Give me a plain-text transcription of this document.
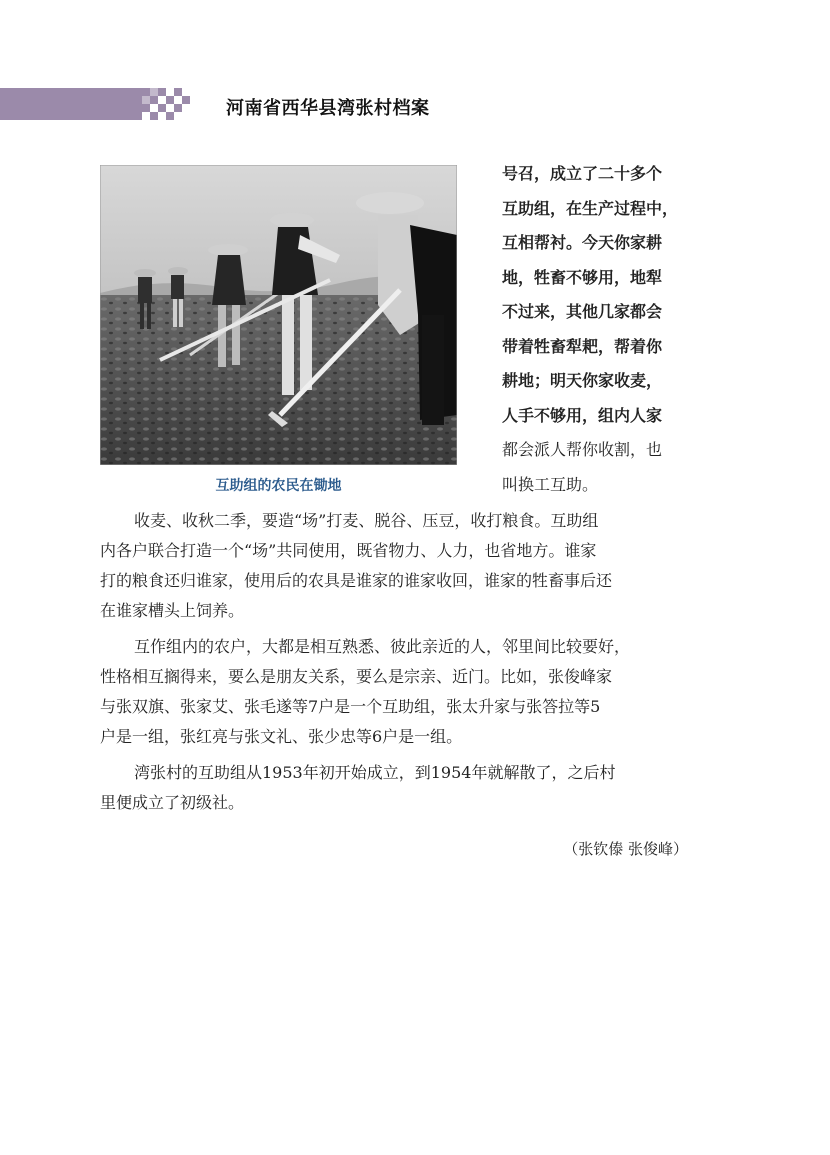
河南省西华县湾张村档案
互助组的农民在锄地
号召，成立了二十多个
互助组，在生产过程中，
互相帮衬。今天你家耕
地，牲畜不够用，地犁
不过来，其他几家都会
带着牲畜犁耙，帮着你
耕地；明天你家收麦，
人手不够用，组内人家
都会派人帮你收割，也
叫换工互助。
收麦、收秋二季，要造“场”打麦、脱谷、压豆，收打粮食。互助组
内各户联合打造一个“场”共同使用，既省物力、人力，也省地方。谁家
打的粮食还归谁家，使用后的农具是谁家的谁家收回，谁家的牲畜事后还
在谁家槽头上饲养。
互作组内的农户，大都是相互熟悉、彼此亲近的人，邻里间比较要好，
性格相互搁得来，要么是朋友关系，要么是宗亲、近门。比如，张俊峰家
与张双旗、张家艾、张毛遂等7户是一个互助组，张太升家与张答拉等5
户是一组，张红亮与张文礼、张少忠等6户是一组。
湾张村的互助组从1953年初开始成立，到1954年就解散了，之后村
里便成立了初级社。
（张钦傣 张俊峰）
